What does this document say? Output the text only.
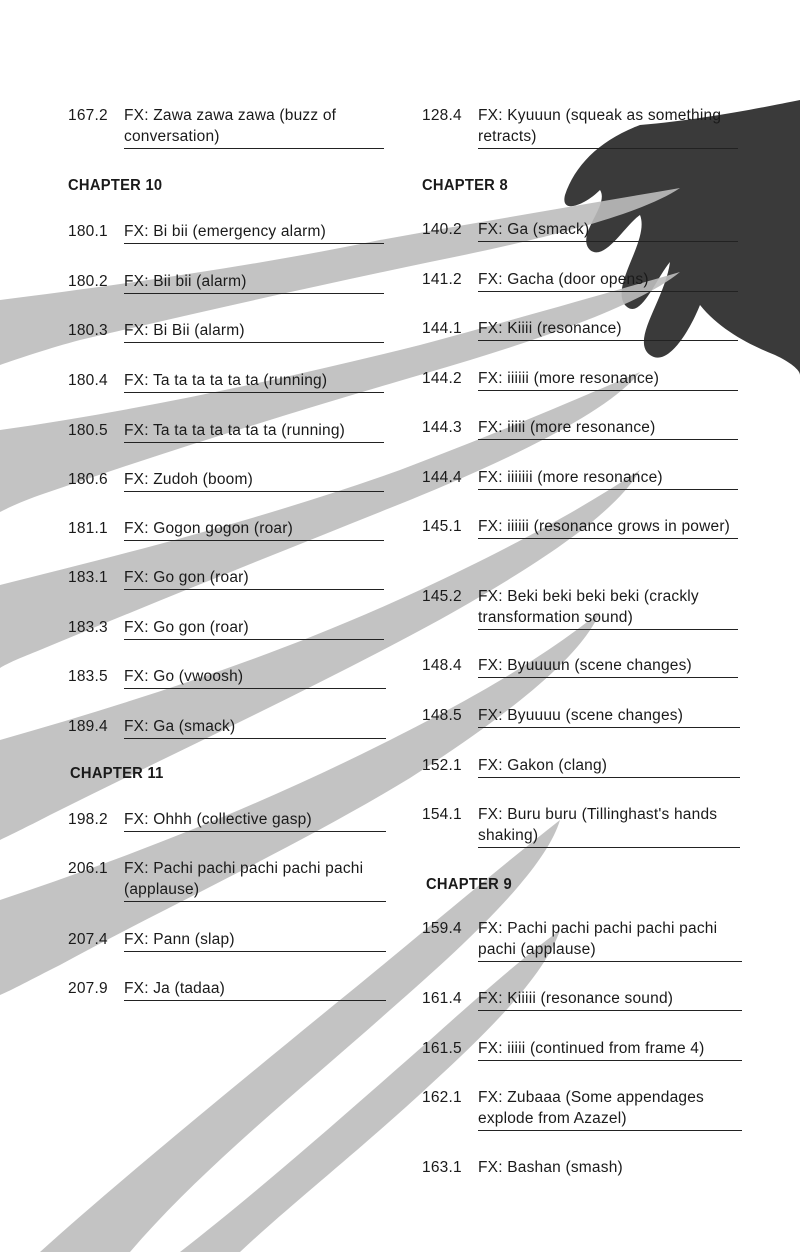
167.2	FX: Zawa zawa zawa (buzz of conversation)
CHAPTER 10
180.1	FX: Bi bii (emergency alarm)
180.2	FX: Bii bii (alarm)
180.3	FX: Bi Bii (alarm)
180.4	FX: Ta ta ta ta ta ta (running)
180.5	FX: Ta ta ta ta ta ta ta (running)
180.6	FX: Zudoh (boom)
181.1	FX: Gogon gogon (roar)
183.1	FX: Go gon (roar)
183.3	FX: Go gon (roar)
183.5	FX: Go (vwoosh)
189.4	FX: Ga (smack)
CHAPTER 11
198.2	FX: Ohhh (collective gasp)
206.1	FX: Pachi pachi pachi pachi pachi (applause)
207.4	FX: Pann (slap)
207.9	FX: Ja (tadaa)
128.4	FX: Kyuuun (squeak as something retracts)
CHAPTER 8
140.2	FX: Ga (smack)
141.2	FX: Gacha (door opens)
144.1	FX: Kiiii (resonance)
144.2	FX: iiiiii (more resonance)
144.3	FX: iiiii (more resonance)
144.4	FX: iiiiiii (more resonance)
145.1	FX: iiiiii (resonance grows in power)
145.2	FX: Beki beki beki beki (crackly transformation sound)
148.4	FX: Byuuuun (scene changes)
148.5	FX: Byuuuu (scene changes)
152.1	FX: Gakon (clang)
154.1	FX: Buru buru (Tillinghast's hands shaking)
CHAPTER 9
159.4	FX: Pachi pachi pachi pachi pachi pachi (applause)
161.4	FX: Kiiiii (resonance sound)
161.5	FX: iiiii (continued from frame 4)
162.1	FX: Zubaaa (Some appendages explode from Azazel)
163.1	FX: Bashan (smash)
